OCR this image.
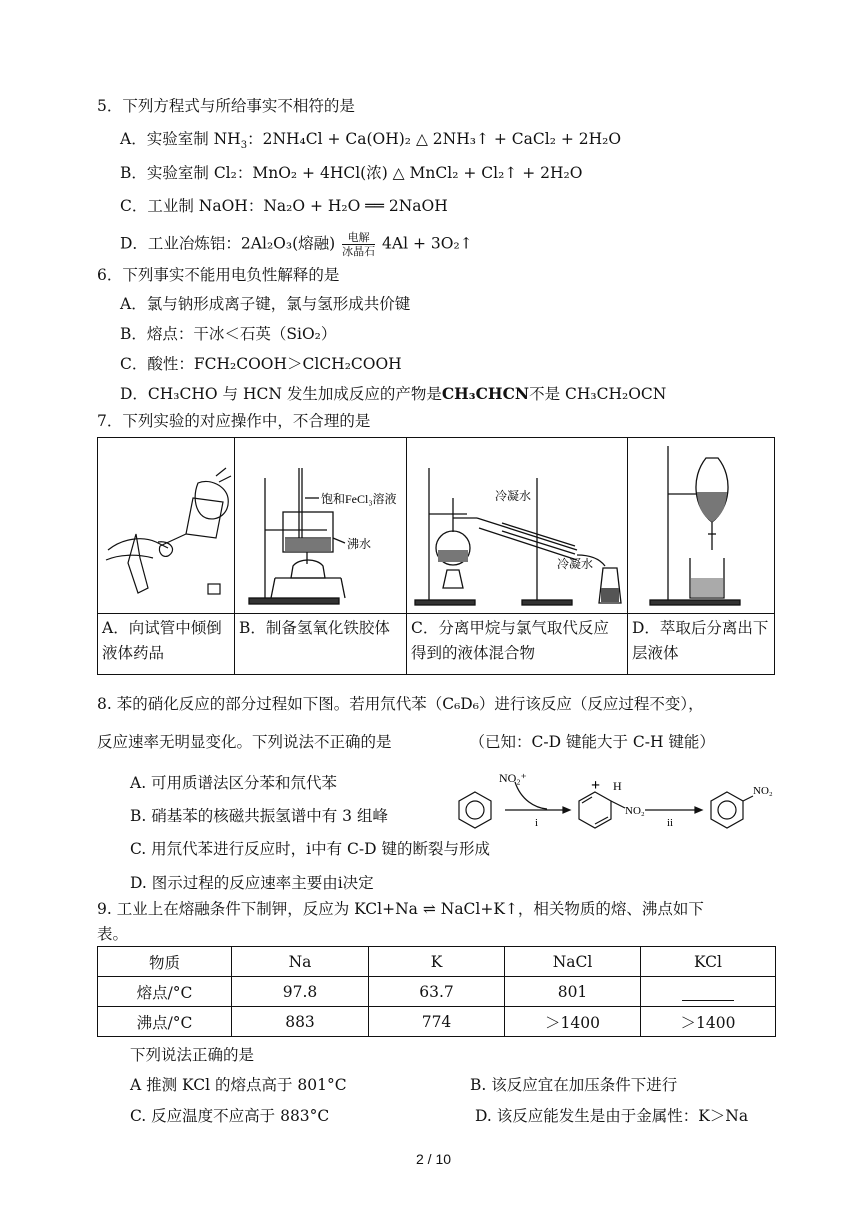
5．下列方程式与所给事实不相符的是
A．实验室制 $NH_3$：2NH₄Cl + Ca(OH)₂ △ 2NH₃↑ + CaCl₂ + 2H₂O
B．实验室制 Cl₂：MnO₂ + 4HCl(浓) △ MnCl₂ + Cl₂↑ + 2H₂O
C．工业制 NaOH：Na₂O + H₂O ══ 2NaOH
D．工业冶炼铝：2Al₂O₃(熔融) $\frac{\text{电解}}{\text{冰晶石}} 4Al$ + 3O₂↑
6．下列事实不能用电负性解释的是
A．氯与钠形成离子键，氯与氢形成共价键
B．熔点：干冰＜石英（SiO₂）
C．酸性：FCH₂COOH＞ClCH₂COOH
D．CH₃CHO 与 HCN 发生加成反应的产物是CH₃CHCN不是 CH₃CH₂OCN
7．下列实验的对应操作中，不合理的是

饱和FeCl₃溶液
沸水	冷凝水
冷凝水

A．向试管中倾倒液体药品	B．制备氢氧化铁胶体	C．分离甲烷与氯气取代反应得到的液体混合物	D．萃取后分离出下层液体
8. 苯的硝化反应的部分过程如下图。若用氘代苯（C₆D₆）进行该反应（反应过程不变），
反应速率无明显变化。下列说法不正确的是	（已知：C-D 键能大于 C-H 键能）
A. 可用质谱法区分苯和氘代苯
B. 硝基苯的核磁共振氢谱中有 3 组峰
C. 用氘代苯进行反应时，i中有 C-D 键的断裂与形成
D. 图示过程的反应速率主要由i决定
NO₂⁺
i	ii
+ H
NO₂
NO₂
9. 工业上在熔融条件下制钾，反应为 KCl+Na ⇌ NaCl+K↑，相关物质的熔、沸点如下
表。
物质	Na	K	NaCl	KCl
熔点/°C	97.8	63.7	801	
沸点/°C	883	774	＞1400	＞1400
下列说法正确的是
A 推测 KCl 的熔点高于 801°C	B. 该反应宜在加压条件下进行
C. 反应温度不应高于 883°C	D. 该反应能发生是由于金属性：K＞Na
2 / 10
